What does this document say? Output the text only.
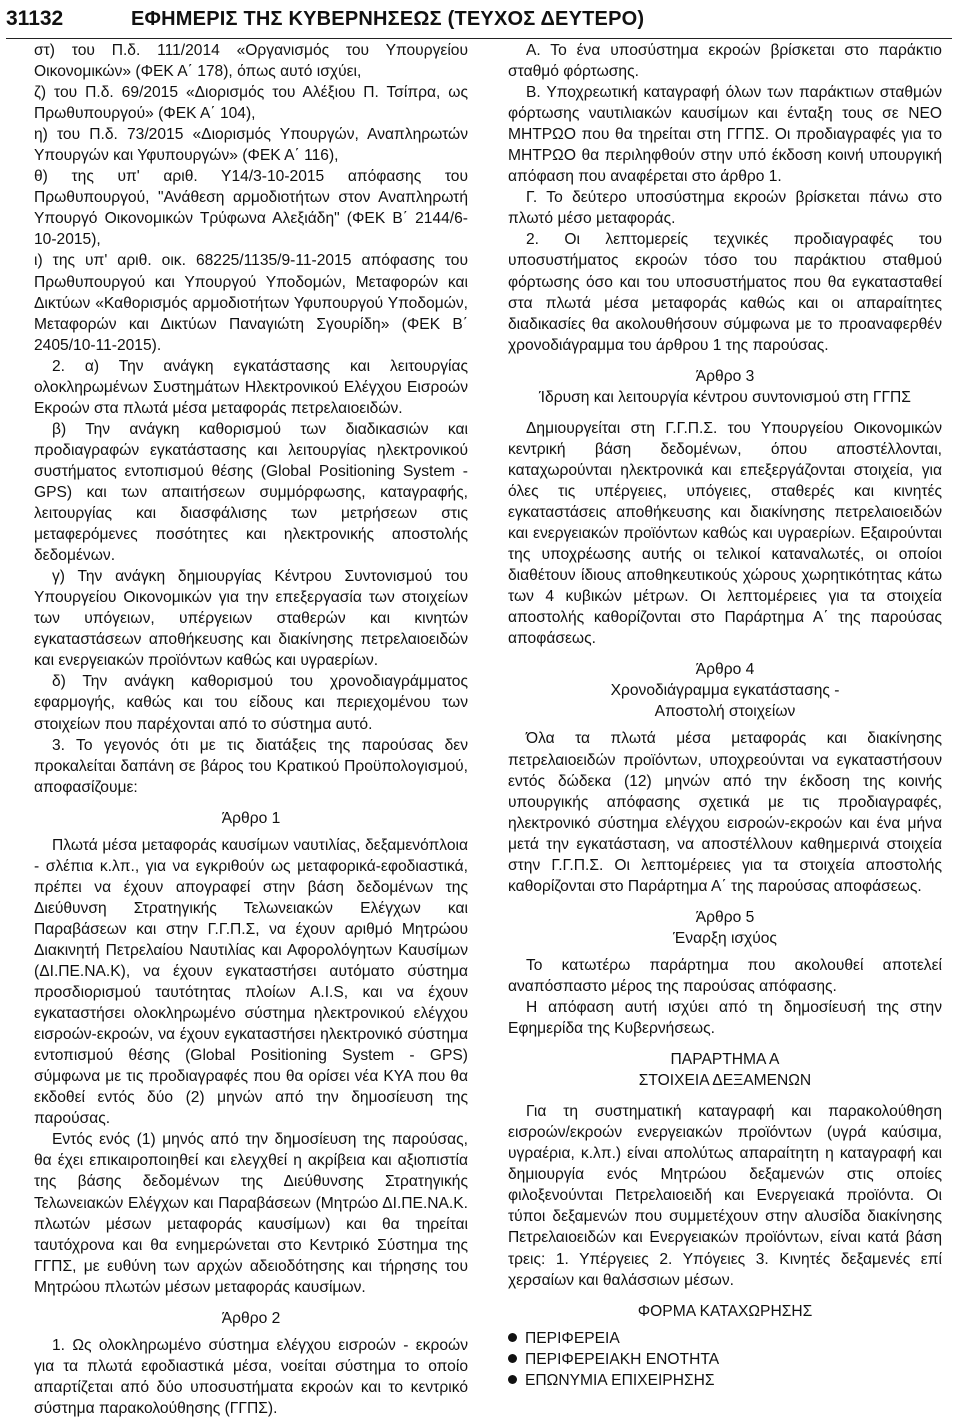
31132	ΕΦΗΜΕΡΙΣ ΤΗΣ ΚΥΒΕΡΝΗΣΕΩΣ (ΤΕΥΧΟΣ ΔΕΥΤΕΡΟ)

στ) του Π.δ. 111/2014 «Οργανισμός του Υπουργείου Οικονομικών» (ΦΕΚ Α΄ 178), όπως αυτό ισχύει,

ζ) του Π.δ. 69/2015 «Διορισμός του Αλέξιου Π. Τσίπρα, ως Πρωθυπουργού» (ΦΕΚ Α΄ 104),

η) του Π.δ. 73/2015 «Διορισμός Υπουργών, Αναπληρωτών Υπουργών και Υφυπουργών» (ΦΕΚ Α΄ 116),

θ) της υπ' αριθ. Υ14/3-10-2015 απόφασης του Πρωθυπουργού, "Ανάθεση αρμοδιοτήτων στον Αναπληρωτή Υπουργό Οικονομικών Τρύφωνα Αλεξιάδη" (ΦΕΚ Β΄ 2144/6-10-2015),

ι) της υπ' αριθ. οικ. 68225/1135/9-11-2015 απόφασης του Πρωθυπουργού και Υπουργού Υποδομών, Μεταφορών και Δικτύων «Καθορισμός αρμοδιοτήτων Υφυπουργού Υποδομών, Μεταφορών και Δικτύων Παναγιώτη Σγουρίδη» (ΦΕΚ Β΄ 2405/10-11-2015).

2. α) Την ανάγκη εγκατάστασης και λειτουργίας ολοκληρωμένων Συστημάτων Ηλεκτρονικού Ελέγχου Εισροών Εκροών στα πλωτά μέσα μεταφοράς πετρελαιοειδών.

β) Την ανάγκη καθορισμού των διαδικασιών και προδιαγραφών εγκατάστασης και λειτουργίας ηλεκτρονικού συστήματος εντοπισμού θέσης (Global Positioning System - GPS) και των απαιτήσεων συμμόρφωσης, καταγραφής, λειτουργίας και διασφάλισης των μετρήσεων στις μεταφερόμενες ποσότητες και ηλεκτρονικής αποστολής δεδομένων.

γ) Την ανάγκη δημιουργίας Κέντρου Συντονισμού του Υπουργείου Οικονομικών για την επεξεργασία των στοιχείων των υπόγειων, υπέργειων σταθερών και κινητών εγκαταστάσεων αποθήκευσης και διακίνησης πετρελαιοειδών και ενεργειακών προϊόντων καθώς και υγραερίων.

δ) Την ανάγκη καθορισμού του χρονοδιαγράμματος εφαρμογής, καθώς και του είδους και περιεχομένου των στοιχείων που παρέχονται από το σύστημα αυτό.

3. Το γεγονός ότι με τις διατάξεις της παρούσας δεν προκαλείται δαπάνη σε βάρος του Κρατικού Προϋπολογισμού, αποφασίζουμε:

Άρθρο 1

Πλωτά μέσα μεταφοράς καυσίμων ναυτιλίας, δεξαμενόπλοια - σλέπια κ.λπ., για να εγκριθούν ως μεταφορικά-εφοδιαστικά, πρέπει να έχουν απογραφεί στην βάση δεδομένων της Διεύθυνση Στρατηγικής Τελωνειακών Ελέγχων και Παραβάσεων και στην Γ.Γ.Π.Σ, να έχουν αριθμό Μητρώου Διακινητή Πετρελαίου Ναυτιλίας και Αφορολόγητων Καυσίμων (ΔΙ.ΠΕ.ΝΑ.Κ), να έχουν εγκαταστήσει αυτόματο σύστημα προσδιορισμού ταυτότητας πλοίων A.I.S, και να έχουν εγκαταστήσει ολοκληρωμένο σύστημα ηλεκτρονικού ελέγχου εισροών-εκροών, να έχουν εγκαταστήσει ηλεκτρονικό σύστημα εντοπισμού θέσης (Global Positioning System - GPS) σύμφωνα με τις προδιαγραφές που θα ορίσει νέα ΚΥΑ που θα εκδοθεί εντός δύο (2) μηνών από την δημοσίευση της παρούσας.

Εντός ενός (1) μηνός από την δημοσίευση της παρούσας, θα έχει επικαιροποιηθεί και ελεγχθεί η ακρίβεια και αξιοπιστία της βάσης δεδομένων της Διεύθυνσης Στρατηγικής Τελωνειακών Ελέγχων και Παραβάσεων (Μητρώο ΔΙ.ΠΕ.ΝΑ.Κ. πλωτών μέσων μεταφοράς καυσίμων) και θα τηρείται ταυτόχρονα και θα ενημερώνεται στο Κεντρικό Σύστημα της ΓΓΠΣ, με ευθύνη των αρχών αδειοδότησης και τήρησης του Μητρώου πλωτών μέσων μεταφοράς καυσίμων.

Άρθρο 2

1. Ως ολοκληρωμένο σύστημα ελέγχου εισροών - εκροών για τα πλωτά εφοδιαστικά μέσα, νοείται σύστημα το οποίο απαρτίζεται από δύο υποσυστήματα εκροών και το κεντρικό σύστημα παρακολούθησης (ΓΓΠΣ).

Α. Το ένα υποσύστημα εκροών βρίσκεται στο παράκτιο σταθμό φόρτωσης.

Β. Υποχρεωτική καταγραφή όλων των παράκτιων σταθμών φόρτωσης ναυτιλιακών καυσίμων και ένταξη τους σε ΝΕΟ ΜΗΤΡΩΟ που θα τηρείται στη ΓΓΠΣ. Οι προδιαγραφές για το ΜΗΤΡΩΟ θα περιληφθούν στην υπό έκδοση κοινή υπουργική απόφαση που αναφέρεται στο άρθρο 1.

Γ. Το δεύτερο υποσύστημα εκροών βρίσκεται πάνω στο πλωτό μέσο μεταφοράς.

2. Οι λεπτομερείς τεχνικές προδιαγραφές του υποσυστήματος εκροών τόσο του παράκτιου σταθμού φόρτωσης όσο και του υποσυστήματος που θα εγκατασταθεί στα πλωτά μέσα μεταφοράς καθώς και οι απαραίτητες διαδικασίες θα ακολουθήσουν σύμφωνα με το προαναφερθέν χρονοδιάγραμμα του άρθρου 1 της παρούσας.

Άρθρο 3

Ίδρυση και λειτουργία κέντρου συντονισμού στη ΓΓΠΣ

Δημιουργείται στη Γ.Γ.Π.Σ. του Υπουργείου Οικονομικών κεντρική βάση δεδομένων, όπου αποστέλλονται, καταχωρούνται ηλεκτρονικά και επεξεργάζονται στοιχεία, για όλες τις υπέργειες, υπόγειες, σταθερές και κινητές εγκαταστάσεις αποθήκευσης και διακίνησης πετρελαιοειδών και ενεργειακών προϊόντων καθώς και υγραερίων. Εξαιρούνται της υποχρέωσης αυτής οι τελικοί καταναλωτές, οι οποίοι διαθέτουν ίδιους αποθηκευτικούς χώρους χωρητικότητας κάτω των 4 κυβικών μέτρων. Οι λεπτομέρειες για τα στοιχεία αποστολής καθορίζονται στο Παράρτημα Α΄ της παρούσας αποφάσεως.

Άρθρο 4

Χρονοδιάγραμμα εγκατάστασης -

Αποστολή στοιχείων

Όλα τα πλωτά μέσα μεταφοράς και διακίνησης πετρελαιοειδών προϊόντων, υποχρεούνται να εγκαταστήσουν εντός δώδεκα (12) μηνών από την έκδοση της κοινής υπουργικής απόφασης σχετικά με τις προδιαγραφές, ηλεκτρονικό σύστημα ελέγχου εισροών-εκροών και ένα μήνα μετά την εγκατάσταση, να αποστέλλουν καθημερινά στοιχεία στην Γ.Γ.Π.Σ. Οι λεπτομέρειες για τα στοιχεία αποστολής καθορίζονται στο Παράρτημα Α΄ της παρούσας αποφάσεως.

Άρθρο 5

Έναρξη ισχύος

Το κατωτέρω παράρτημα που ακολουθεί αποτελεί αναπόσπαστο μέρος της παρούσας απόφασης.

Η απόφαση αυτή ισχύει από τη δημοσίευσή της στην Εφημερίδα της Κυβερνήσεως.

ΠΑΡΑΡΤΗΜΑ Α

ΣΤΟΙΧΕΙΑ ΔΕΞΑΜΕΝΩΝ

Για τη συστηματική καταγραφή και παρακολούθηση εισροών/εκροών ενεργειακών προϊόντων (υγρά καύσιμα, υγραέρια, κ.λπ.) είναι απολύτως απαραίτητη η καταγραφή και δημιουργία ενός Μητρώου δεξαμενών στις οποίες φιλοξενούνται Πετρελαιοειδή και Ενεργειακά προϊόντα. Οι τύποι δεξαμενών που συμμετέχουν στην αλυσίδα διακίνησης Πετρελαιοειδών και Ενεργειακών προϊόντων, είναι κατά βάση τρεις: 1. Υπέργειες 2. Υπόγειες 3. Κινητές δεξαμενές επί χερσαίων και θαλάσσιων μέσων.

ΦΟΡΜΑ ΚΑΤΑΧΩΡΗΣΗΣ

ΠΕΡΙΦΕΡΕΙΑ
ΠΕΡΙΦΕΡΕΙΑΚΗ ΕΝΟΤΗΤΑ
ΕΠΩΝΥΜΙΑ ΕΠΙΧΕΙΡΗΣΗΣ
